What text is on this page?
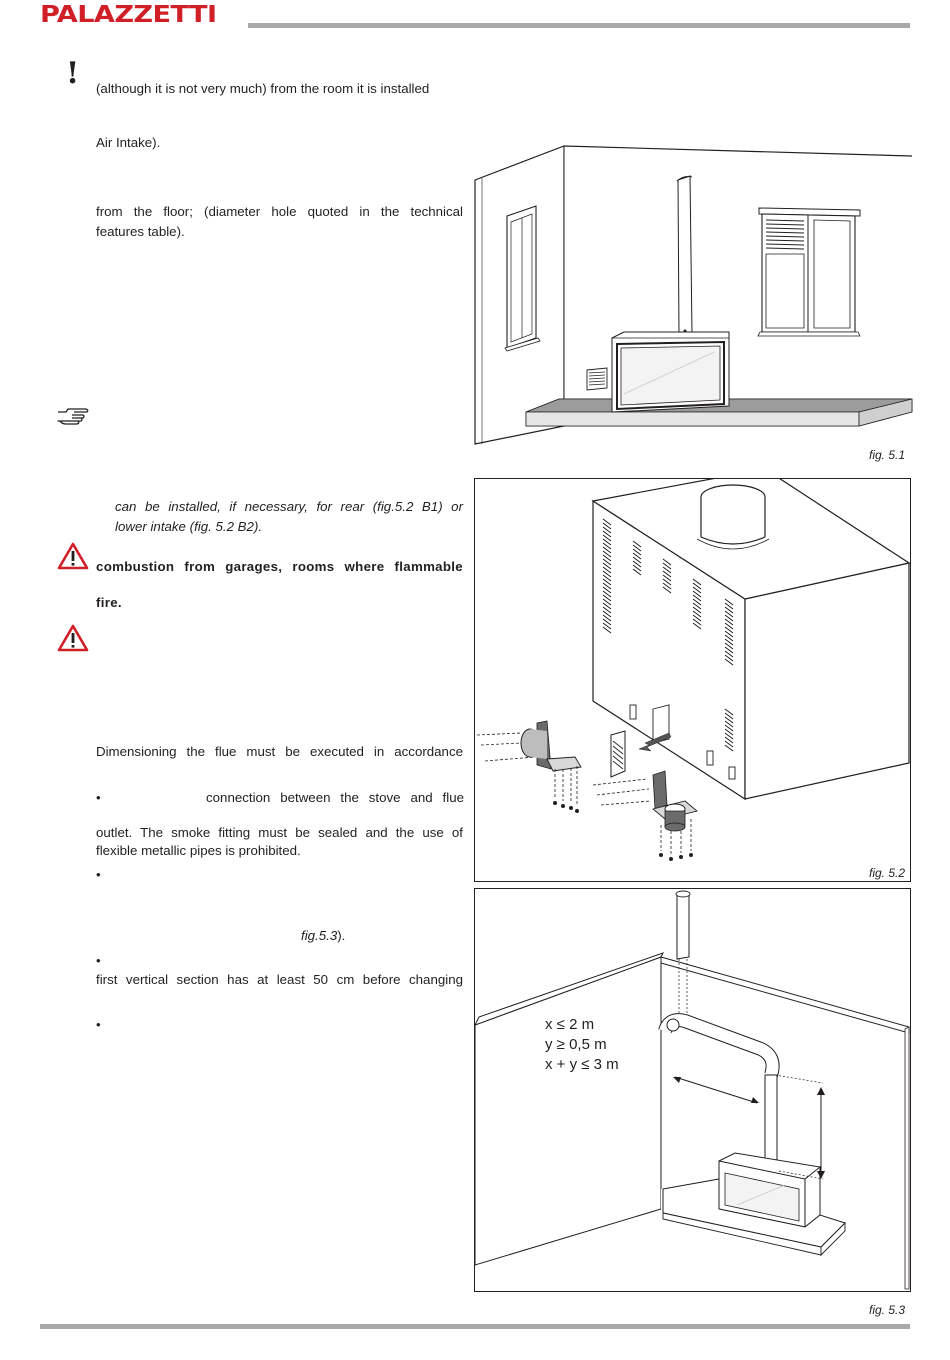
PALAZZETTI
! (although it is not very much) from the room it is installed
Air Intake).
from the floor; (diameter hole quoted in the technical
features table).
can be installed, if necessary, for rear (fig.5.2 B1) or
lower intake (fig. 5.2 B2).
combustion from garages, rooms where flammable
fire.
Dimensioning the flue must be executed in accordance
•	connection between the stove and flue
outlet. The smoke fitting must be sealed and the use of
flexible metallic pipes is prohibited.
•
fig.5.3).
•
first vertical section has at least 50 cm before changing
•
fig. 5.1
fig. 5.2
x ≤ 2 m
y ≥ 0,5 m
x + y ≤ 3 m
fig. 5.3
